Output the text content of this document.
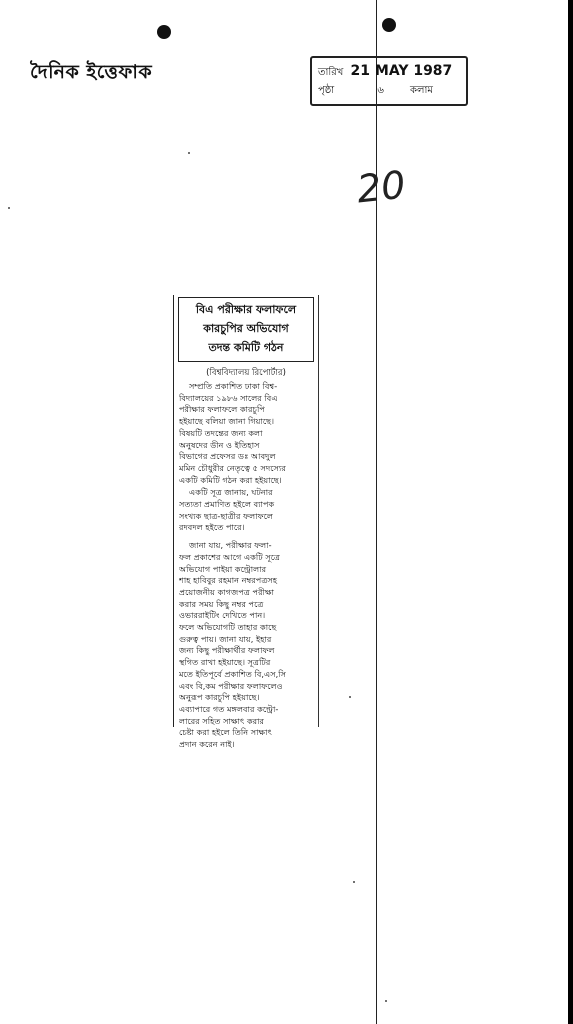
দৈনিক ইত্তেফাক	তারিখ 21 MAY 1987
পৃষ্ঠা	৬	কলাম
20
বিএ পরীক্ষার ফলাফলে
কারচুপির অভিযোগ
তদন্ত কমিটি গঠন
(বিশ্ববিদ্যালয় রিপোর্টার)
সম্প্রতি প্রকাশিত ঢাকা বিশ্ব-
বিদ্যালয়ের ১৯৮৬ সালের বিএ
পরীক্ষার ফলাফলে কারচুপি
হইয়াছে বলিয়া জানা গিয়াছে।
বিষয়টি তদন্তের জন্য কলা
অনুষদের ডীন ও ইতিহাস
বিভাগের প্রফেসর ডঃ আবদুল
মমিন চৌধুরীর নেতৃত্বে ৫ সদস্যের
একটি কমিটি গঠন করা হইয়াছে।
একটি সূত্র জানায়, ঘটনার
সত্যতা প্রমাণিত হইলে ব্যাপক
সংখ্যক ছাত্র-ছাত্রীর ফলাফলে
রদবদল হইতে পারে।
জানা যায়, পরীক্ষার ফলা-
ফল প্রকাশের আগে একটি সূত্রে
অভিযোগ পাইয়া কন্ট্রোলার
শাহ হাবিবুর রহমান নম্বরপত্রসহ
প্রয়োজনীয় কাগজপত্র পরীক্ষা
করার সময় কিছু নম্বর পত্রে
ওভাররাইটিং দেখিতে পান।
ফলে অভিযোগটি তাহার কাছে
গুরুত্ব পায়। জানা যায়, ইহার
জন্য কিছু পরীক্ষার্থীর ফলাফল
স্থগিত রাখা হইয়াছে। সূত্রটির
মতে ইতিপূর্বে প্রকাশিত বি,এস,সি
এবং বি,কম পরীক্ষার ফলাফলেও
অনুরূপ কারচুপি হইয়াছে।
এব্যাপারে গত মঙ্গলবার কন্ট্রো-
লারের সহিত সাক্ষাৎ করার
চেষ্টা করা হইলে তিনি সাক্ষাৎ
প্রদান করেন নাই।
